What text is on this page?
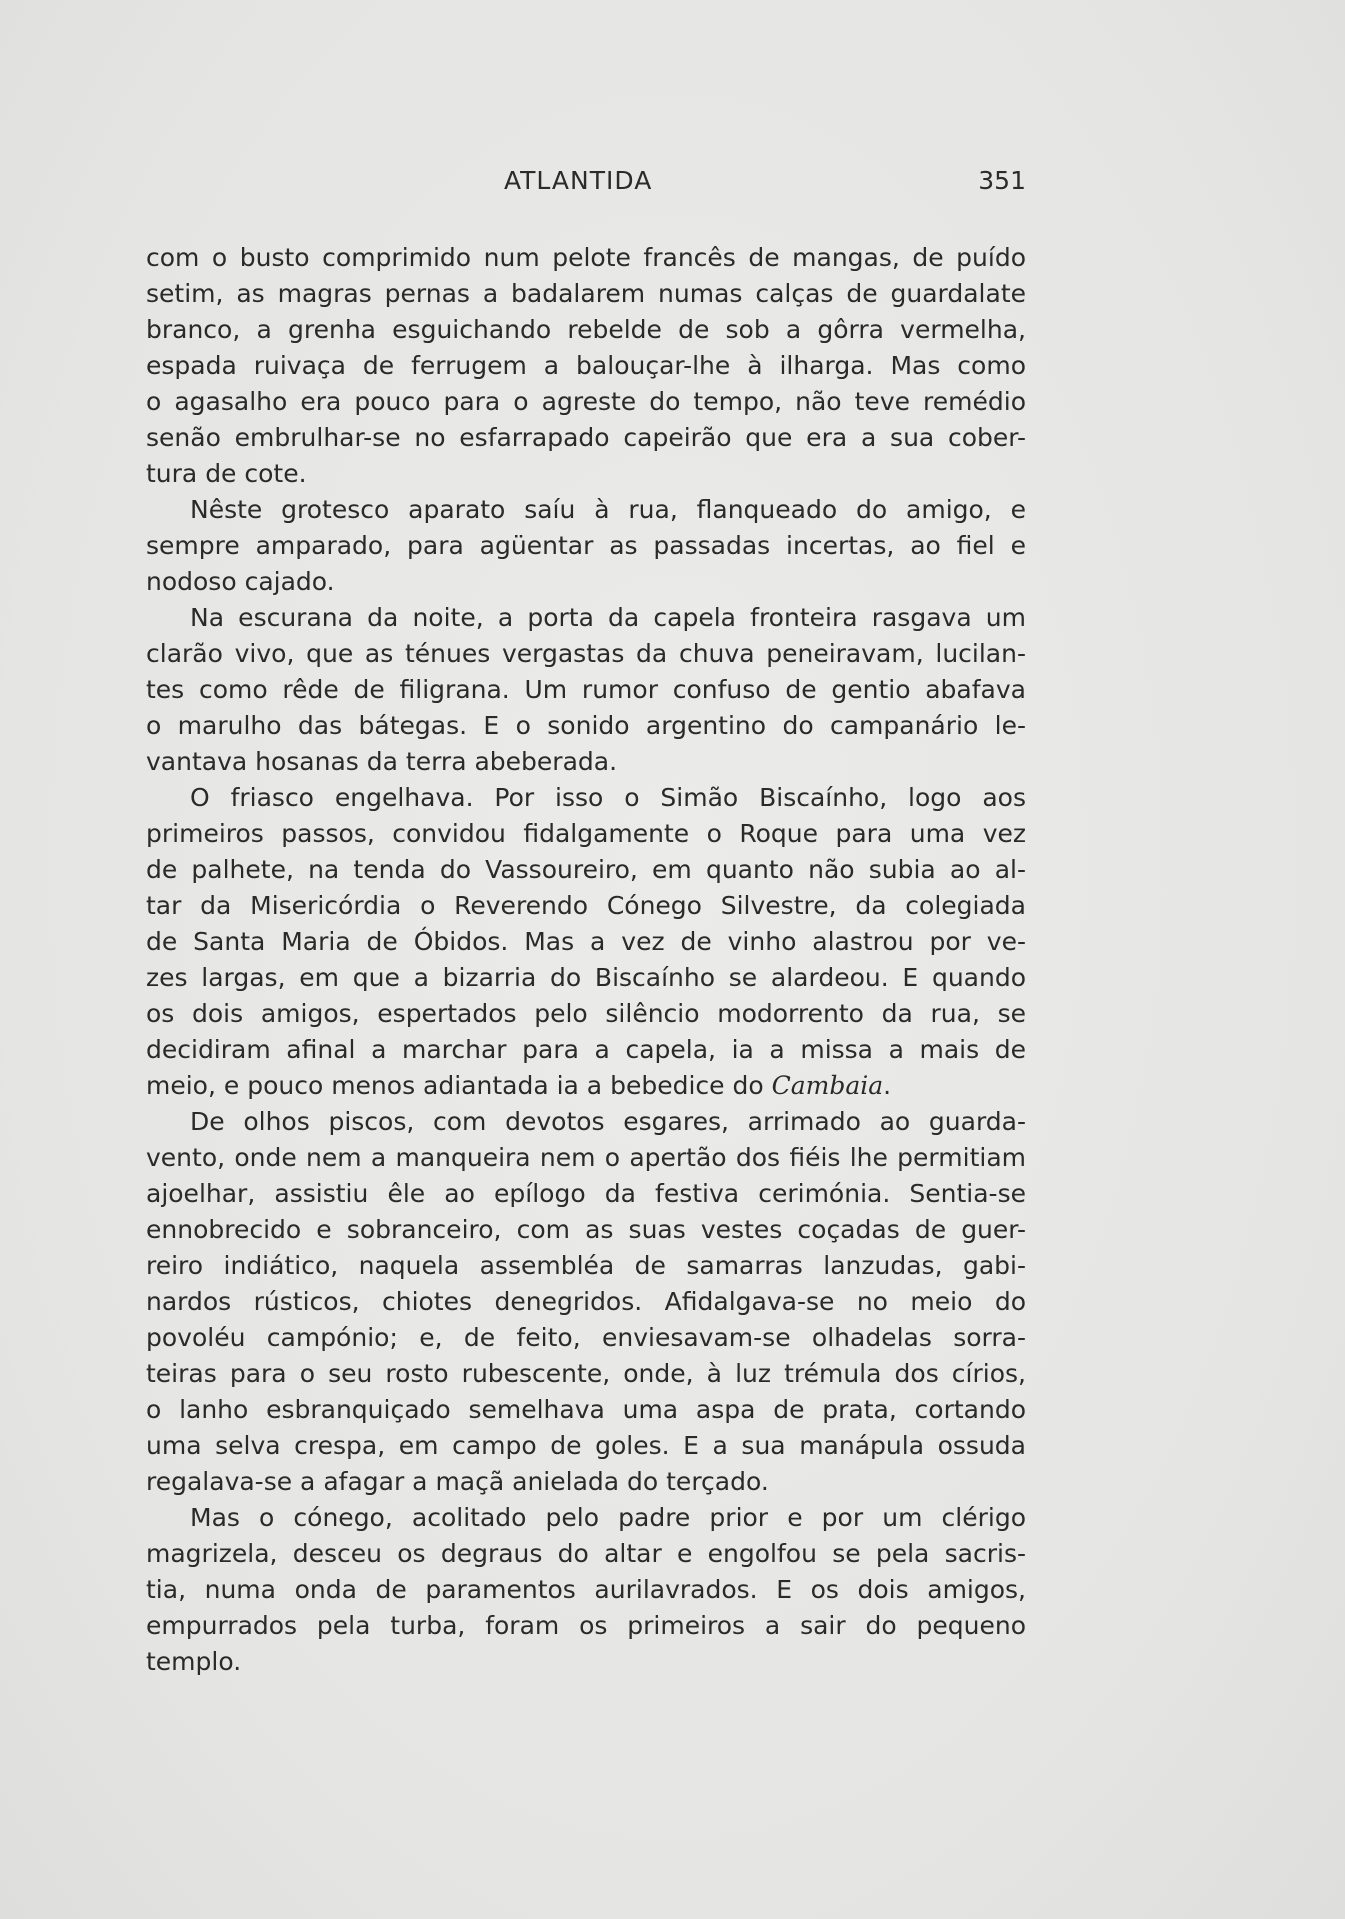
ATLANTIDA	351
com o busto comprimido num pelote francês de mangas, de puído
setim, as magras pernas a badalarem numas calças de guardalate
branco, a grenha esguichando rebelde de sob a gôrra vermelha,
espada ruivaça de ferrugem a balouçar-lhe à ilharga. Mas como
o agasalho era pouco para o agreste do tempo, não teve remédio
senão embrulhar-se no esfarrapado capeirão que era a sua cober-
tura de cote.
Nêste grotesco aparato saíu à rua, flanqueado do amigo, e
sempre amparado, para agüentar as passadas incertas, ao fiel e
nodoso cajado.
Na escurana da noite, a porta da capela fronteira rasgava um
clarão vivo, que as ténues vergastas da chuva peneiravam, lucilan-
tes como rêde de filigrana. Um rumor confuso de gentio abafava
o marulho das bátegas. E o sonido argentino do campanário le-
vantava hosanas da terra abeberada.
O friasco engelhava. Por isso o Simão Biscaínho, logo aos
primeiros passos, convidou fidalgamente o Roque para uma vez
de palhete, na tenda do Vassoureiro, em quanto não subia ao al-
tar da Misericórdia o Reverendo Cónego Silvestre, da colegiada
de Santa Maria de Óbidos. Mas a vez de vinho alastrou por ve-
zes largas, em que a bizarria do Biscaínho se alardeou. E quando
os dois amigos, espertados pelo silêncio modorrento da rua, se
decidiram afinal a marchar para a capela, ia a missa a mais de
meio, e pouco menos adiantada ia a bebedice do Cambaia.
De olhos piscos, com devotos esgares, arrimado ao guarda-
vento, onde nem a manqueira nem o apertão dos fiéis lhe permitiam
ajoelhar, assistiu êle ao epílogo da festiva cerimónia. Sentia-se
ennobrecido e sobranceiro, com as suas vestes coçadas de guer-
reiro indiático, naquela assembléa de samarras lanzudas, gabi-
nardos rústicos, chiotes denegridos. Afidalgava-se no meio do
povoléu campónio; e, de feito, enviesavam-se olhadelas sorra-
teiras para o seu rosto rubescente, onde, à luz trémula dos círios,
o lanho esbranquiçado semelhava uma aspa de prata, cortando
uma selva crespa, em campo de goles. E a sua manápula ossuda
regalava-se a afagar a maçã anielada do terçado.
Mas o cónego, acolitado pelo padre prior e por um clérigo
magrizela, desceu os degraus do altar e engolfou se pela sacris-
tia, numa onda de paramentos aurilavrados. E os dois amigos,
empurrados pela turba, foram os primeiros a sair do pequeno
templo.
